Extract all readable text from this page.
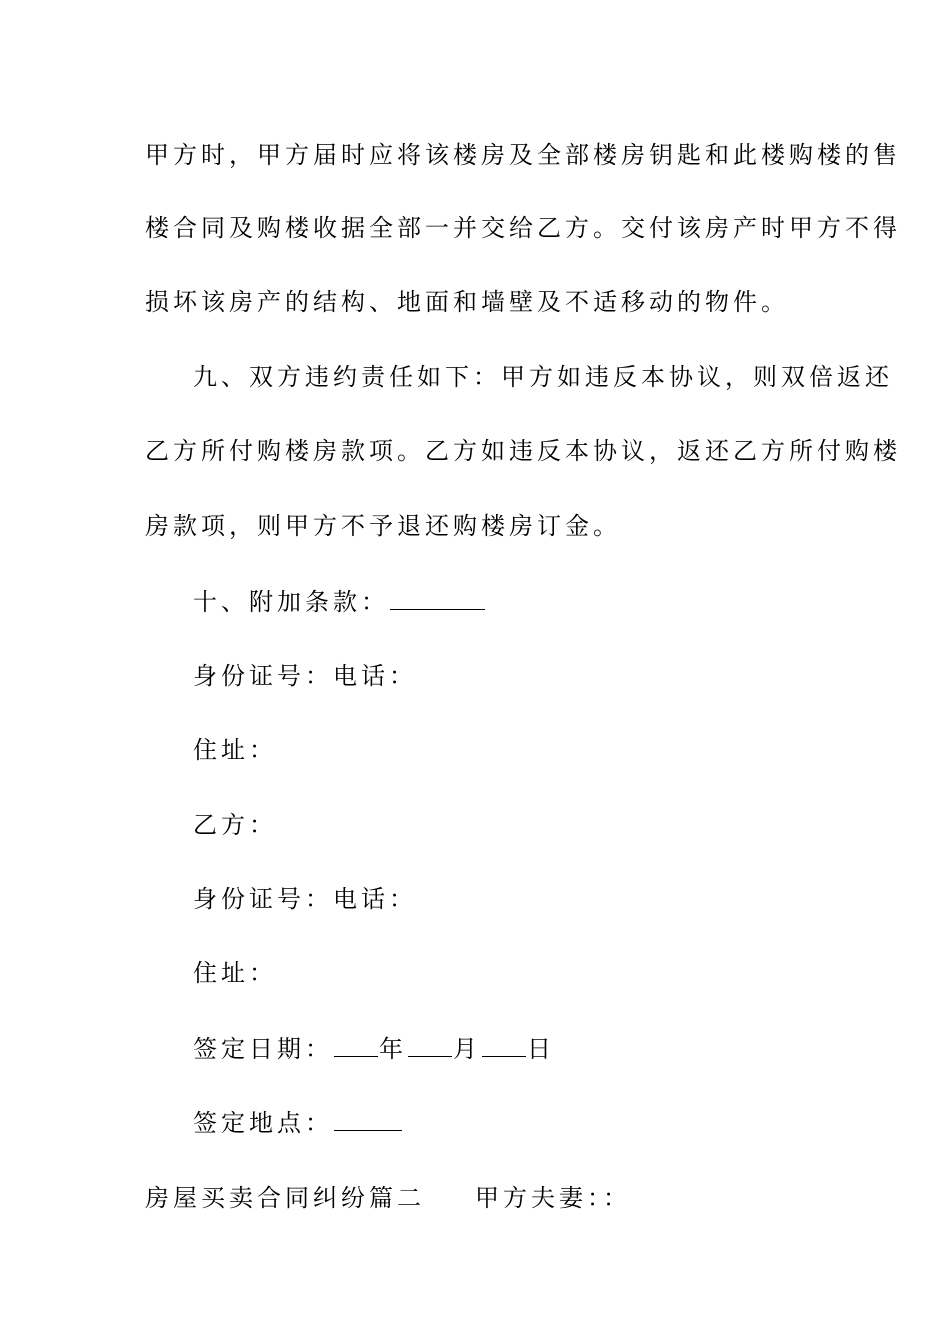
甲方时，甲方届时应将该楼房及全部楼房钥匙和此楼购楼的售
楼合同及购楼收据全部一并交给乙方。交付该房产时甲方不得
损坏该房产的结构、地面和墙壁及不适移动的物件。
九、双方违约责任如下：甲方如违反本协议，则双倍返还
乙方所付购楼房款项。乙方如违反本协议，返还乙方所付购楼
房款项，则甲方不予退还购楼房订金。
十、附加条款：
身份证号：电话：
住址：
乙方：
身份证号：电话：
住址：
签定日期： 年 月 日
签定地点：
房屋买卖合同纠纷篇二 甲方夫妻：：
